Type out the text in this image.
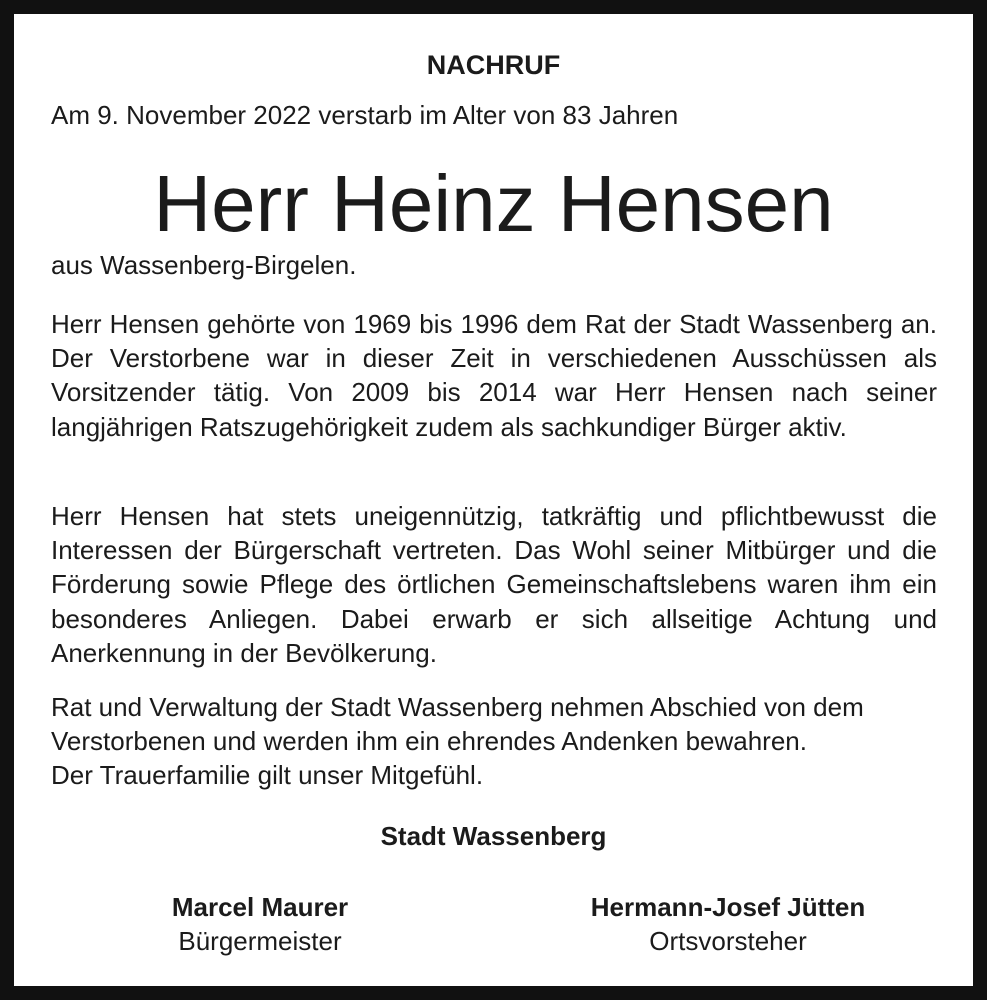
NACHRUF
Am 9. November 2022 verstarb im Alter von 83 Jahren
Herr Heinz Hensen
aus Wassenberg-Birgelen.

Herr Hensen gehörte von 1969 bis 1996 dem Rat der Stadt Wassenberg an. Der Verstorbene war in dieser Zeit in verschiedenen Ausschüssen als Vorsitzender tätig. Von 2009 bis 2014 war Herr Hensen nach seiner langjährigen Ratszugehörigkeit zudem als sachkundiger Bürger aktiv.

Herr Hensen hat stets uneigennützig, tatkräftig und pflichtbewusst die Interessen der Bürgerschaft vertreten. Das Wohl seiner Mitbürger und die Förderung sowie Pflege des örtlichen Gemeinschaftslebens waren ihm ein besonderes Anliegen. Dabei erwarb er sich allseitige Achtung und Anerkennung in der Bevölkerung.

Rat und Verwaltung der Stadt Wassenberg nehmen Abschied von dem
Verstorbenen und werden ihm ein ehrendes Andenken bewahren.
Der Trauerfamilie gilt unser Mitgefühl.
Stadt Wassenberg
Marcel Maurer
Bürgermeister
Hermann-Josef Jütten
Ortsvorsteher
